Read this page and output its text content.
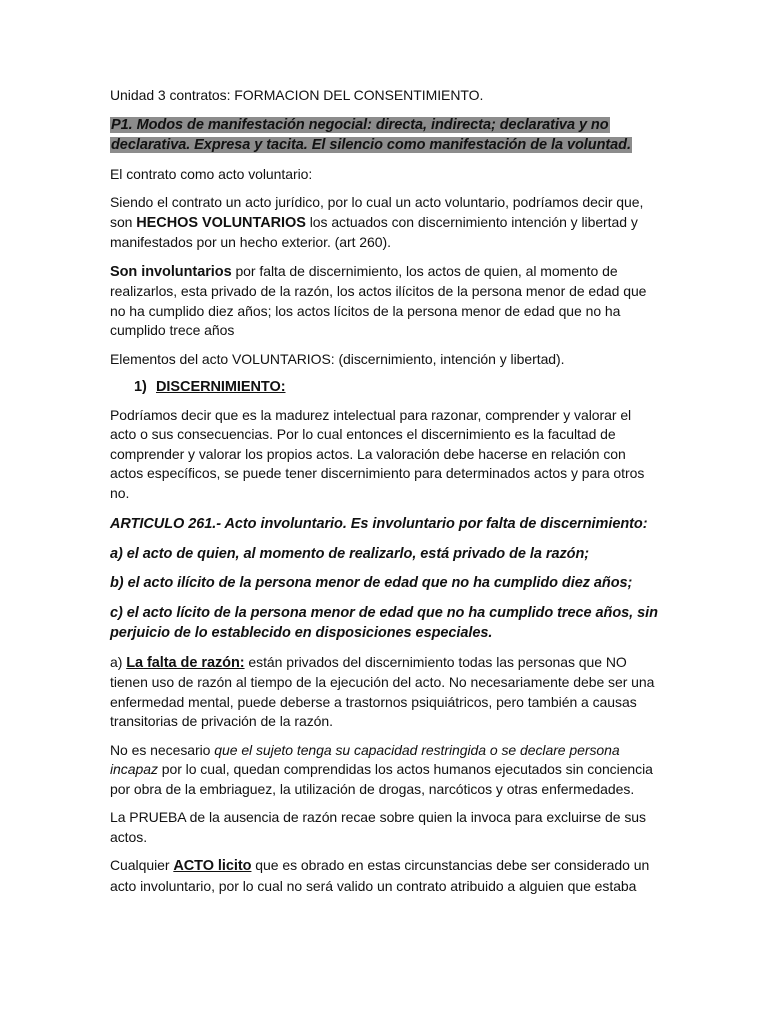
Unidad 3 contratos: FORMACION DEL CONSENTIMIENTO.

P1. Modos de manifestación negocial: directa, indirecta; declarativa y no declarativa. Expresa y tacita. El silencio como manifestación de la voluntad.

El contrato como acto voluntario:

Siendo el contrato un acto jurídico, por lo cual un acto voluntario, podríamos decir que, son HECHOS VOLUNTARIOS los actuados con discernimiento intención y libertad y manifestados por un hecho exterior. (art 260).

Son involuntarios por falta de discernimiento, los actos de quien, al momento de realizarlos, esta privado de la razón, los actos ilícitos de la persona menor de edad que no ha cumplido diez años; los actos lícitos de la persona menor de edad que no ha cumplido trece años

Elementos del acto VOLUNTARIOS: (discernimiento, intención y libertad).

1) DISCERNIMIENTO:

Podríamos decir que es la madurez intelectual para razonar, comprender y valorar el acto o sus consecuencias. Por lo cual entonces el discernimiento es la facultad de comprender y valorar los propios actos. La valoración debe hacerse en relación con actos específicos, se puede tener discernimiento para determinados actos y para otros no.

ARTICULO 261.- Acto involuntario. Es involuntario por falta de discernimiento:

a) el acto de quien, al momento de realizarlo, está privado de la razón;

b) el acto ilícito de la persona menor de edad que no ha cumplido diez años;

c) el acto lícito de la persona menor de edad que no ha cumplido trece años, sin perjuicio de lo establecido en disposiciones especiales.

a) La falta de razón: están privados del discernimiento todas las personas que NO tienen uso de razón al tiempo de la ejecución del acto. No necesariamente debe ser una enfermedad mental, puede deberse a trastornos psiquiátricos, pero también a causas transitorias de privación de la razón.

No es necesario que el sujeto tenga su capacidad restringida o se declare persona incapaz por lo cual, quedan comprendidas los actos humanos ejecutados sin conciencia por obra de la embriaguez, la utilización de drogas, narcóticos y otras enfermedades.

La PRUEBA de la ausencia de razón recae sobre quien la invoca para excluirse de sus actos.

Cualquier ACTO licito que es obrado en estas circunstancias debe ser considerado un acto involuntario, por lo cual no será valido un contrato atribuido a alguien que estaba
